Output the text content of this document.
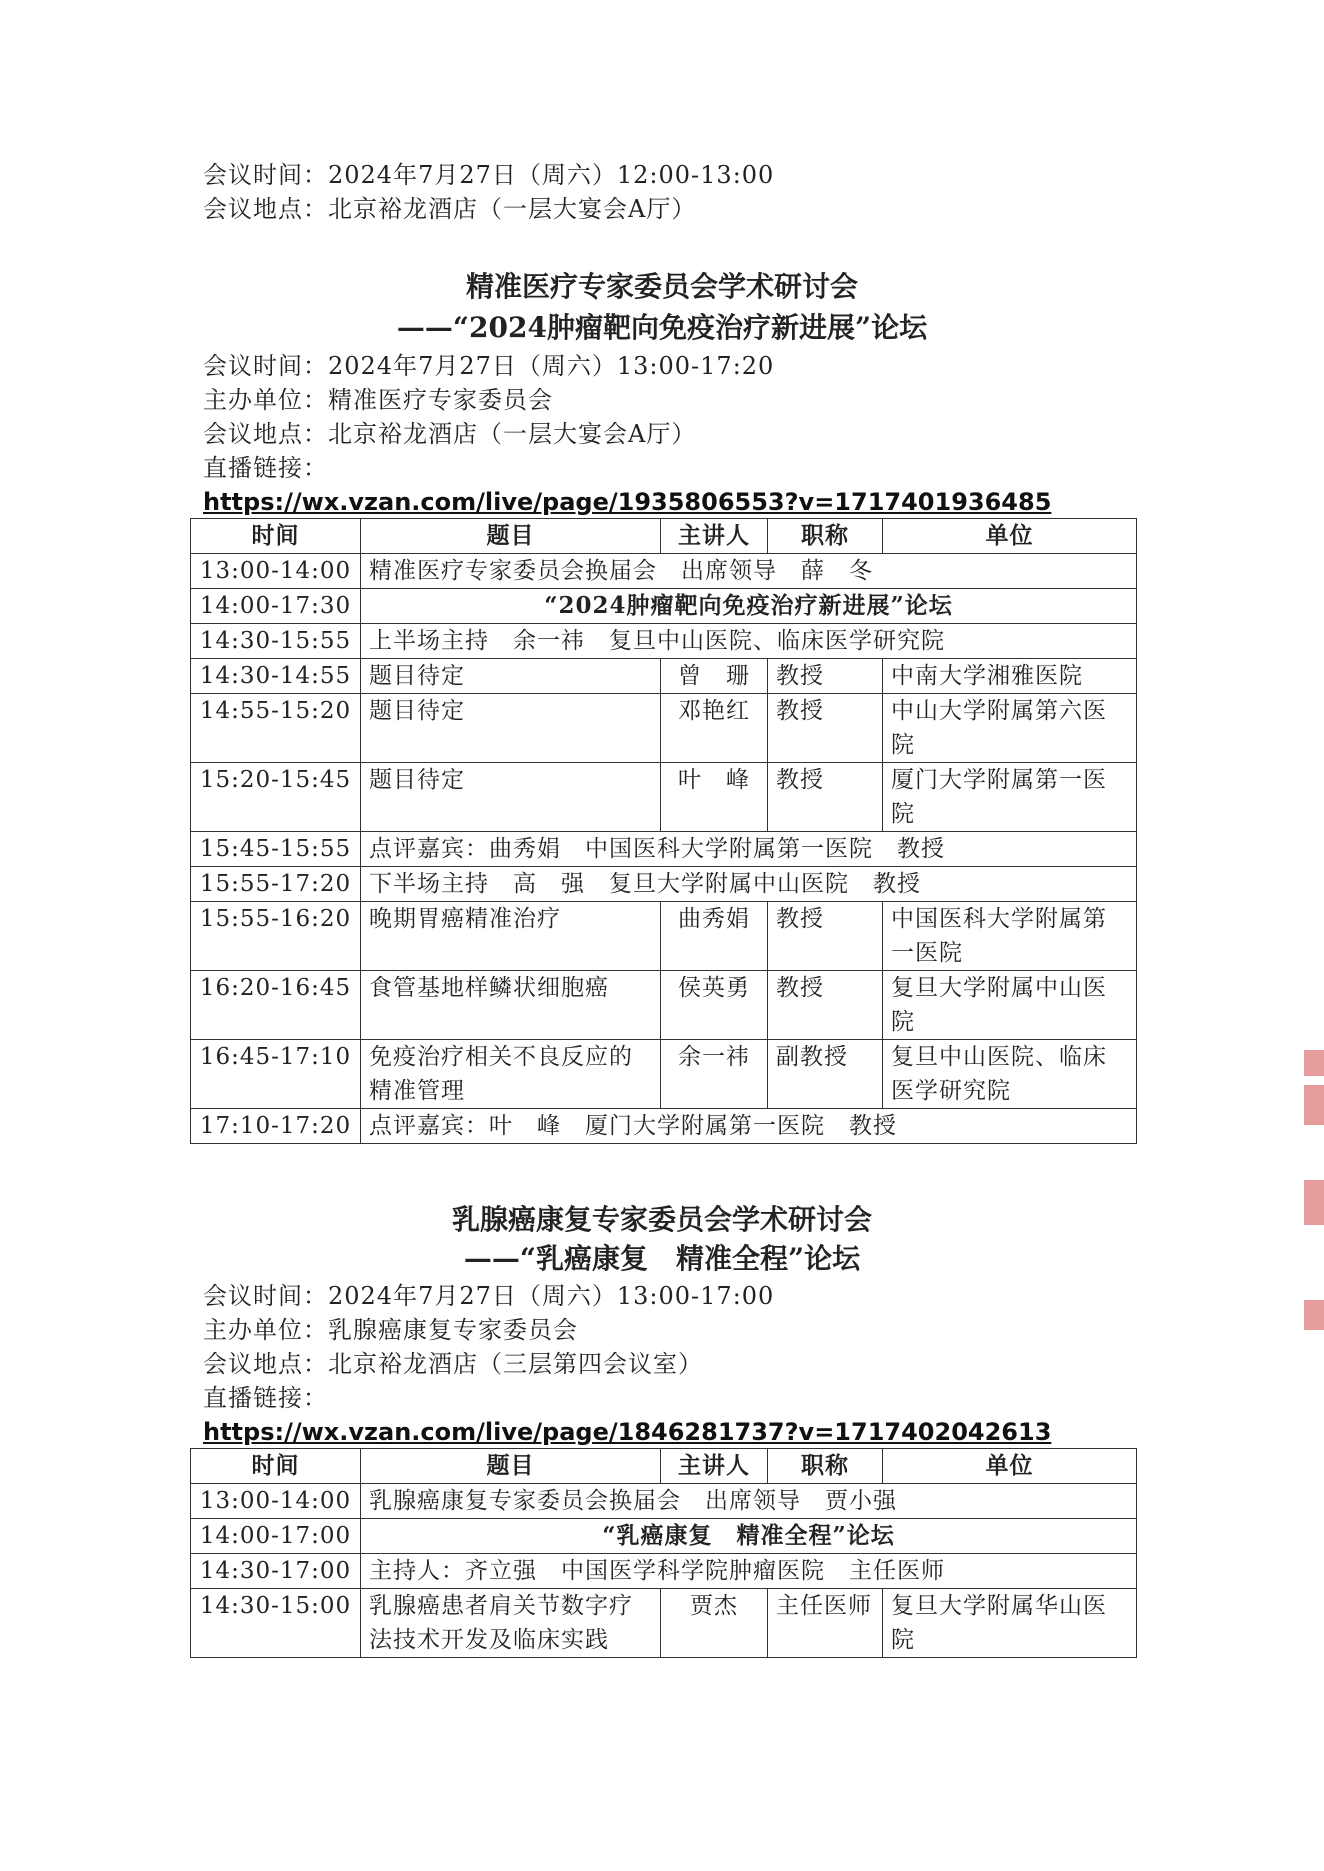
会议时间：2024年7月27日（周六）12:00-13:00
会议地点：北京裕龙酒店（一层大宴会A厅）
精准医疗专家委员会学术研讨会
——“2024肿瘤靶向免疫治疗新进展”论坛
会议时间：2024年7月27日（周六）13:00-17:20
主办单位：精准医疗专家委员会
会议地点：北京裕龙酒店（一层大宴会A厅）
直播链接：
https://wx.vzan.com/live/page/1935806553?v=1717401936485
时间	题目	主讲人	职称	单位
13:00-14:00	精准医疗专家委员会换届会　出席领导　薛　冬			
14:00-17:30	“2024肿瘤靶向免疫治疗新进展”论坛			
14:30-15:55	上半场主持　余一祎　复旦中山医院、临床医学研究院			
14:30-14:55	题目待定	曾　珊	教授	中南大学湘雅医院
14:55-15:20	题目待定	邓艳红	教授	中山大学附属第六医院
15:20-15:45	题目待定	叶　峰	教授	厦门大学附属第一医院
15:45-15:55	点评嘉宾：曲秀娟　中国医科大学附属第一医院　教授			
15:55-17:20	下半场主持　高　强　复旦大学附属中山医院　教授			
15:55-16:20	晚期胃癌精准治疗	曲秀娟	教授	中国医科大学附属第一医院
16:20-16:45	食管基地样鳞状细胞癌	侯英勇	教授	复旦大学附属中山医院
16:45-17:10	免疫治疗相关不良反应的精准管理	余一祎	副教授	复旦中山医院、临床医学研究院
17:10-17:20	点评嘉宾：叶　峰　厦门大学附属第一医院　教授			
乳腺癌康复专家委员会学术研讨会
——“乳癌康复　精准全程”论坛
会议时间：2024年7月27日（周六）13:00-17:00
主办单位：乳腺癌康复专家委员会
会议地点：北京裕龙酒店（三层第四会议室）
直播链接：
https://wx.vzan.com/live/page/1846281737?v=1717402042613
时间	题目	主讲人	职称	单位
13:00-14:00	乳腺癌康复专家委员会换届会　出席领导　贾小强			
14:00-17:00	“乳癌康复　精准全程”论坛			
14:30-17:00	主持人：齐立强　中国医学科学院肿瘤医院　主任医师			
14:30-15:00	乳腺癌患者肩关节数字疗法技术开发及临床实践	贾杰	主任医师	复旦大学附属华山医院
